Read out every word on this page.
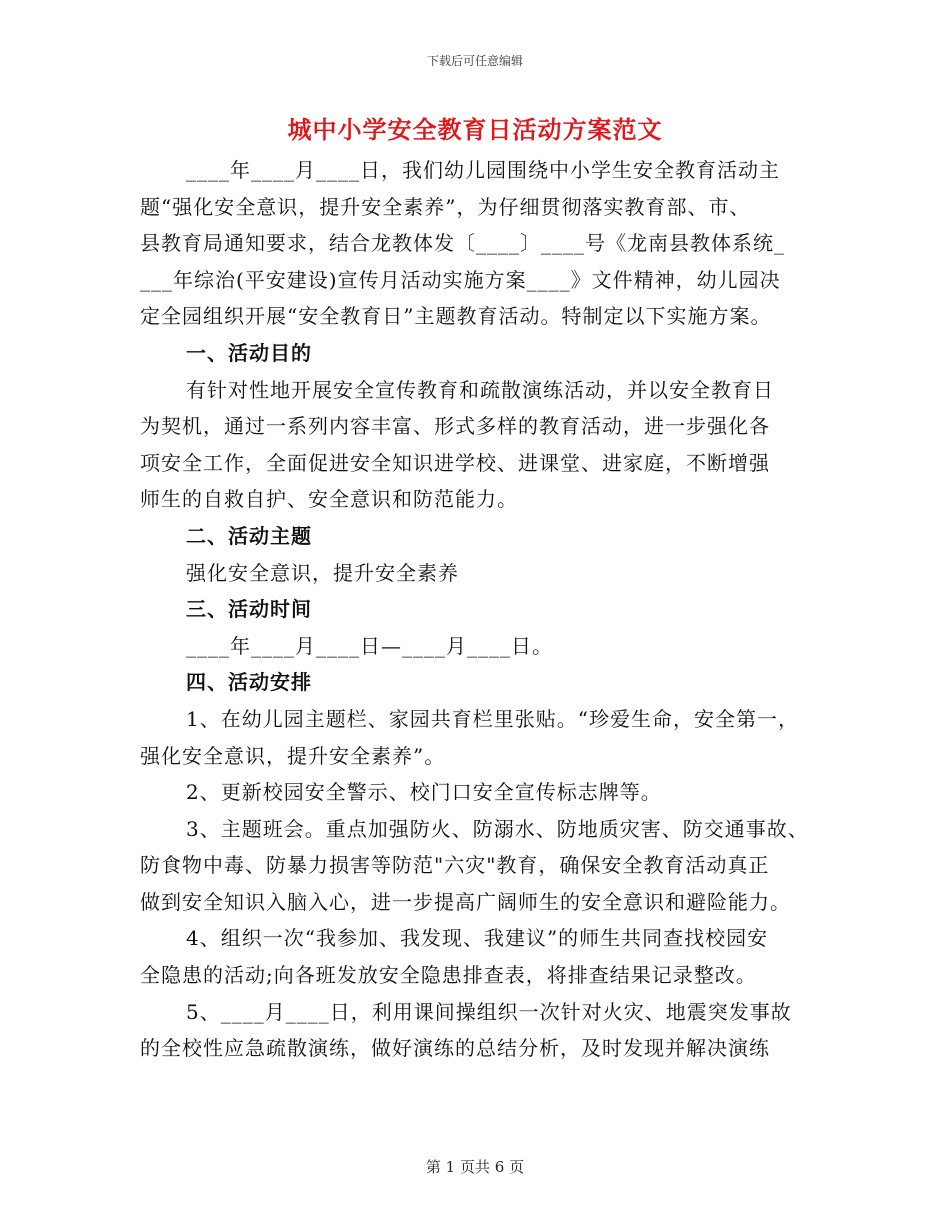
下载后可任意编辑
城中小学安全教育日活动方案范文
____年____月____日，我们幼儿园围绕中小学生安全教育活动主
题“强化安全意识，提升安全素养”，为仔细贯彻落实教育部、市、
县教育局通知要求，结合龙教体发〔____〕____号《龙南县教体系统_
___年综治(平安建设)宣传月活动实施方案____》文件精神，幼儿园决
定全园组织开展“安全教育日”主题教育活动。特制定以下实施方案。
一、活动目的
有针对性地开展安全宣传教育和疏散演练活动，并以安全教育日
为契机，通过一系列内容丰富、形式多样的教育活动，进一步强化各
项安全工作，全面促进安全知识进学校、进课堂、进家庭，不断增强
师生的自救自护、安全意识和防范能力。
二、活动主题
强化安全意识，提升安全素养
三、活动时间
____年____月____日—____月____日。
四、活动安排
1、在幼儿园主题栏、家园共育栏里张贴。“珍爱生命，安全第一，
强化安全意识，提升安全素养”。
2、更新校园安全警示、校门口安全宣传标志牌等。
3、主题班会。重点加强防火、防溺水、防地质灾害、防交通事故、
防食物中毒、防暴力损害等防范"六灾"教育，确保安全教育活动真正
做到安全知识入脑入心，进一步提高广阔师生的安全意识和避险能力。
4、组织一次“我参加、我发现、我建议”的师生共同查找校园安
全隐患的活动;向各班发放安全隐患排查表，将排查结果记录整改。
5、____月____日，利用课间操组织一次针对火灾、地震突发事故
的全校性应急疏散演练，做好演练的总结分析，及时发现并解决演练
第 1 页共 6 页
